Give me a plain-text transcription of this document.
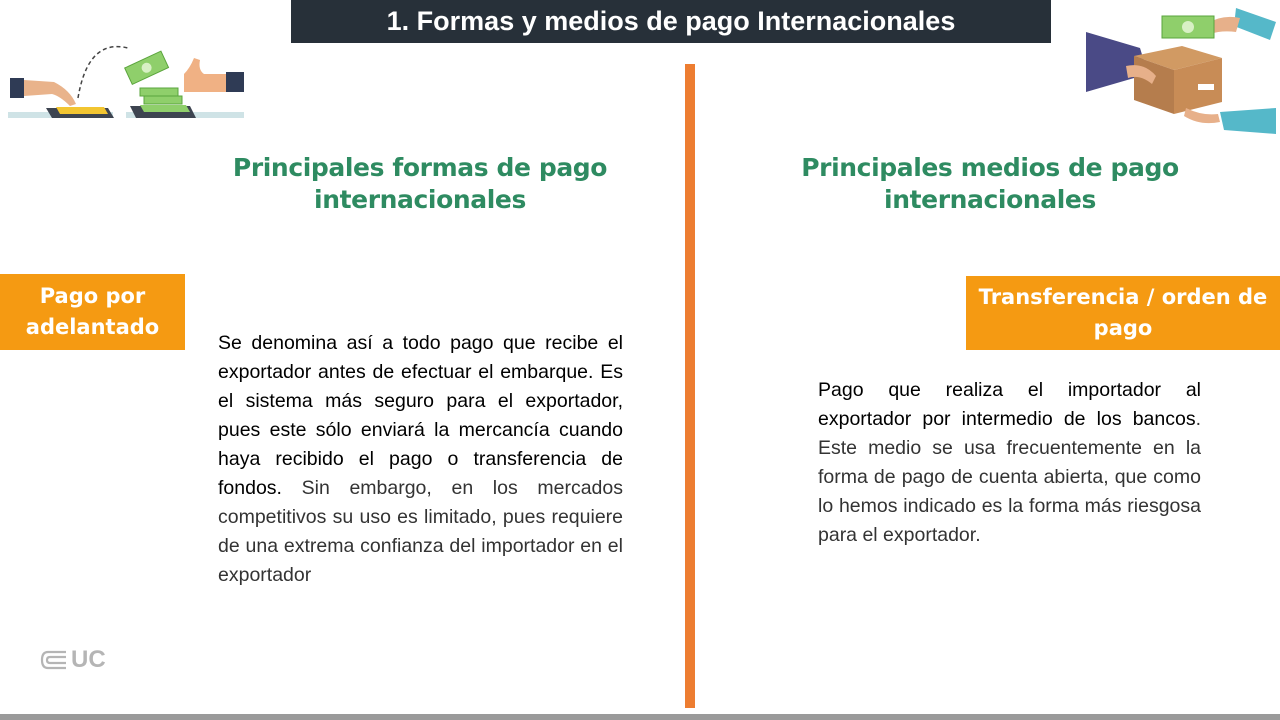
1. Formas y medios de pago Internacionales
Principales formas de pago internacionales
Principales medios de pago internacionales
Pago por adelantado
Transferencia / orden de pago

Se denomina así a todo pago que recibe el exportador antes de efectuar el embarque. Es el sistema más seguro para el exportador, pues este sólo enviará la mercancía cuando haya recibido el pago o transferencia de fondos. Sin embargo, en los mercados competitivos su uso es limitado, pues requiere de una extrema confianza del importador en el exportador

Pago que realiza el importador al exportador por intermedio de los bancos. Este medio se usa frecuentemente en la forma de pago de cuenta abierta, que como lo hemos indicado es la forma más riesgosa para el exportador.

UC
